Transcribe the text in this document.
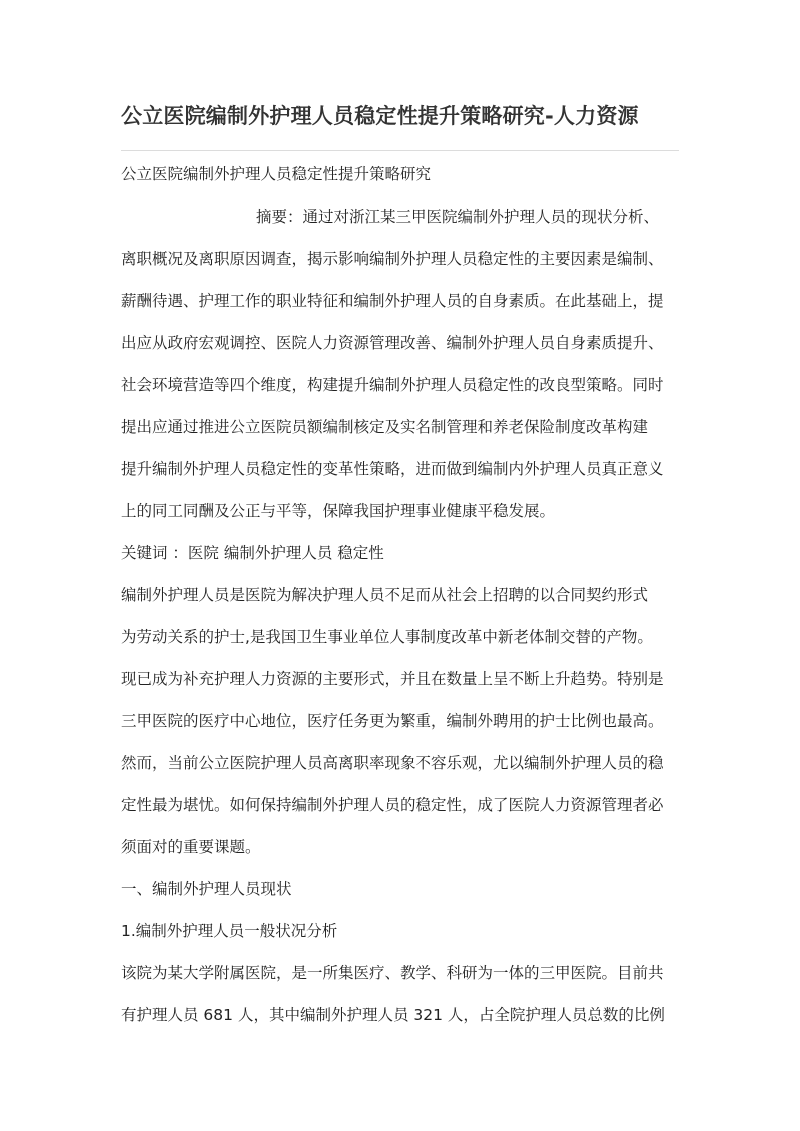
公立医院编制外护理人员稳定性提升策略研究-人力资源
公立医院编制外护理人员稳定性提升策略研究
摘要：通过对浙江某三甲医院编制外护理人员的现状分析、
离职概况及离职原因调查，揭示影响编制外护理人员稳定性的主要因素是编制、
薪酬待遇、护理工作的职业特征和编制外护理人员的自身素质。在此基础上，提
出应从政府宏观调控、医院人力资源管理改善、编制外护理人员自身素质提升、
社会环境营造等四个维度，构建提升编制外护理人员稳定性的改良型策略。同时
提出应通过推进公立医院员额编制核定及实名制管理和养老保险制度改革构建
提升编制外护理人员稳定性的变革性策略，进而做到编制内外护理人员真正意义
上的同工同酬及公正与平等，保障我国护理事业健康平稳发展。
关键词 ：医院 编制外护理人员 稳定性
编制外护理人员是医院为解决护理人员不足而从社会上招聘的以合同契约形式
为劳动关系的护士,是我国卫生事业单位人事制度改革中新老体制交替的产物。
现已成为补充护理人力资源的主要形式，并且在数量上呈不断上升趋势。特别是
三甲医院的医疗中心地位，医疗任务更为繁重，编制外聘用的护士比例也最高。
然而，当前公立医院护理人员高离职率现象不容乐观，尤以编制外护理人员的稳
定性最为堪忧。如何保持编制外护理人员的稳定性，成了医院人力资源管理者必
须面对的重要课题。
一、编制外护理人员现状
1.编制外护理人员一般状况分析
该院为某大学附属医院，是一所集医疗、教学、科研为一体的三甲医院。目前共
有护理人员 681 人，其中编制外护理人员 321 人，占全院护理人员总数的比例
